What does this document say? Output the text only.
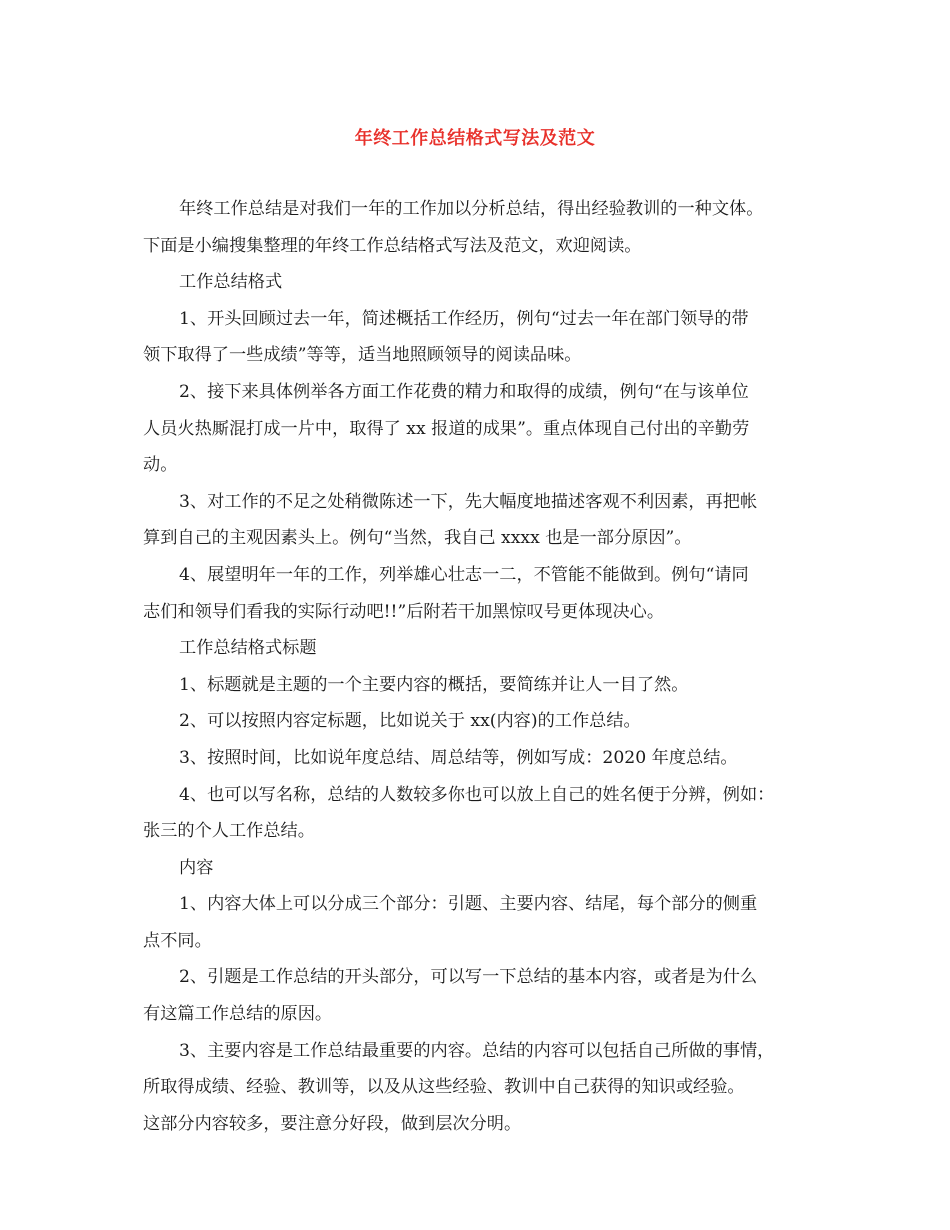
年终工作总结格式写法及范文
年终工作总结是对我们一年的工作加以分析总结，得出经验教训的一种文体。
下面是小编搜集整理的年终工作总结格式写法及范文，欢迎阅读。
工作总结格式
1、开头回顾过去一年，简述概括工作经历，例句“过去一年在部门领导的带
领下取得了一些成绩”等等，适当地照顾领导的阅读品味。
2、接下来具体例举各方面工作花费的精力和取得的成绩，例句“在与该单位
人员火热厮混打成一片中，取得了 xx 报道的成果”。重点体现自己付出的辛勤劳
动。
3、对工作的不足之处稍微陈述一下，先大幅度地描述客观不利因素，再把帐
算到自己的主观因素头上。例句“当然，我自己 xxxx 也是一部分原因”。
4、展望明年一年的工作，列举雄心壮志一二，不管能不能做到。例句“请同
志们和领导们看我的实际行动吧!!”后附若干加黑惊叹号更体现决心。
工作总结格式标题
1、标题就是主题的一个主要内容的概括，要简练并让人一目了然。
2、可以按照内容定标题，比如说关于 xx(内容)的工作总结。
3、按照时间，比如说年度总结、周总结等，例如写成：2020 年度总结。
4、也可以写名称，总结的人数较多你也可以放上自己的姓名便于分辨，例如：
张三的个人工作总结。
内容
1、内容大体上可以分成三个部分：引题、主要内容、结尾，每个部分的侧重
点不同。
2、引题是工作总结的开头部分，可以写一下总结的基本内容，或者是为什么
有这篇工作总结的原因。
3、主要内容是工作总结最重要的内容。总结的内容可以包括自己所做的事情，
所取得成绩、经验、教训等，以及从这些经验、教训中自己获得的知识或经验。
这部分内容较多，要注意分好段，做到层次分明。
